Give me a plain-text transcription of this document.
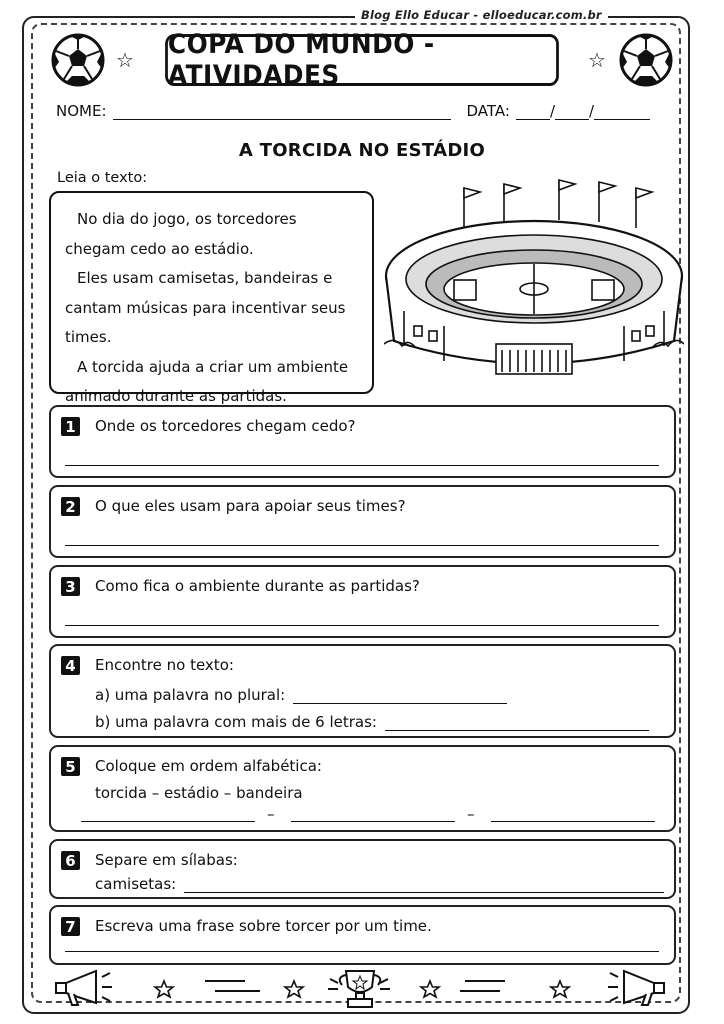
Blog Ello Educar - elloeducar.com.br
☆ COPA DO MUNDO - ATIVIDADES	☆
NOME:	DATA:	/ /
A TORCIDA NO ESTÁDIO
Leia o texto:

No dia do jogo, os torcedores chegam cedo ao estádio.

Eles usam camisetas, bandeiras e cantam músicas para incentivar seus times.

A torcida ajuda a criar um ambiente animado durante as partidas.

1 Onde os torcedores chegam cedo?
2 O que eles usam para apoiar seus times?
3 Como fica o ambiente durante as partidas?
4 Encontre no texto:
a) uma palavra no plural:
b) uma palavra com mais de 6 letras:
5 Coloque em ordem alfabética:
torcida – estádio – bandeira
–	–
6 Separe em sílabas:
camisetas:
7 Escreva uma frase sobre torcer por um time.
